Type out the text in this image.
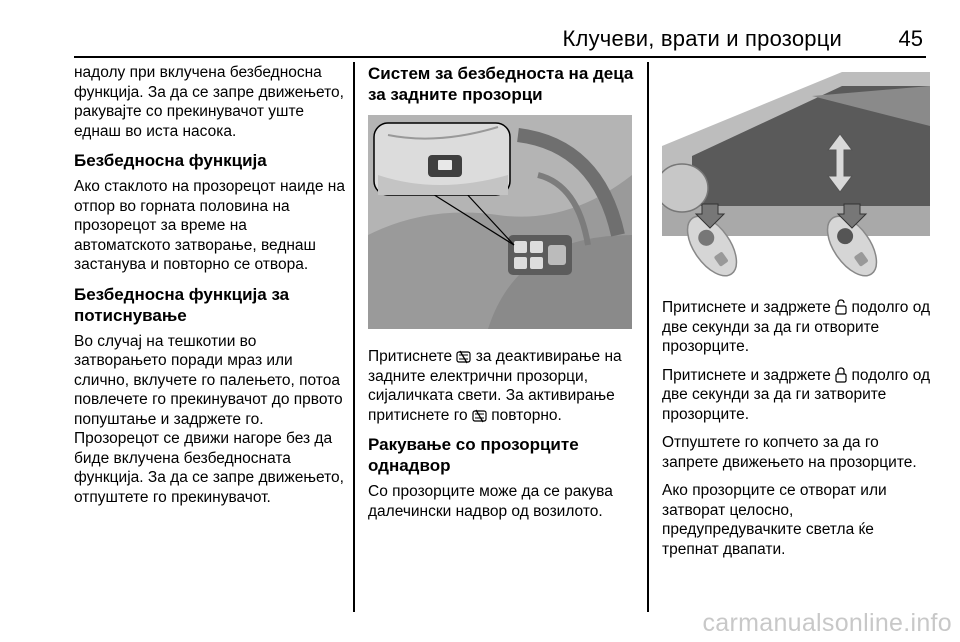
Клучеви, врати и прозорци	45

надолу при вклучена безбедносна функција. За да се запре движењето, ракувајте со прекинувачот уште еднаш во иста насока.

Безбедносна функција

Ако стаклото на прозорецот наиде на отпор во горната половина на прозорецот за време на автоматското затворање, веднаш застанува и повторно се отвора.

Безбедносна функција за потиснување

Во случај на тешкотии во затворањето поради мраз или слично, вклучете го палењето, потоа повлечете го прекинувачот до првото попуштање и задржете го. Прозорецот се движи нагоре без да биде вклучена безбедносната функција. За да се запре движењето, отпуштете го прекинувачот.

Систем за безбедноста на деца за задните прозорци

Притиснете за деактивирање на задните електрични прозорци, сијаличката свети. За активирање притиснете го повторно.

Ракување со прозорците однадвор

Со прозорците може да се ракува далечински надвор од возилото.

Притиснете и задржете подолго од две секунди за да ги отворите прозорците.

Притиснете и задржете подолго од две секунди за да ги затворите прозорците.

Отпуштете го копчето за да го запрете движењето на прозорците.

Ако прозорците се отворат или затворат целосно, предупредувачките светла ќе трепнат двапати.

carmanualsonline.info
